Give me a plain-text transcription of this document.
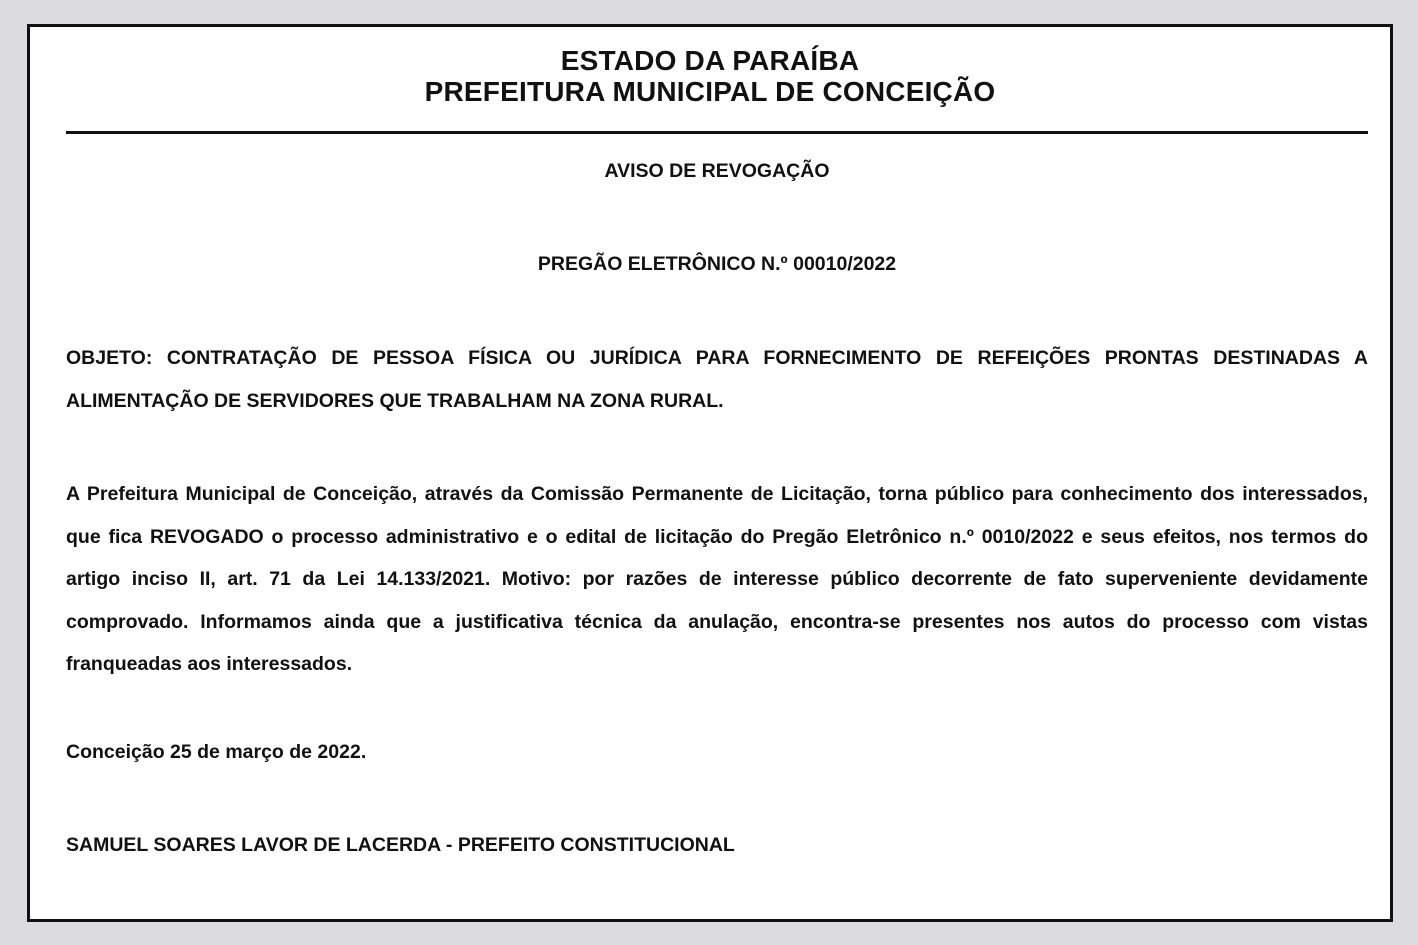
ESTADO DA PARAÍBA
PREFEITURA MUNICIPAL DE CONCEIÇÃO
AVISO DE REVOGAÇÃO
PREGÃO ELETRÔNICO N.º 00010/2022

OBJETO: CONTRATAÇÃO DE PESSOA FÍSICA OU JURÍDICA PARA FORNECIMENTO DE REFEIÇÕES PRONTAS DESTINADAS A ALIMENTAÇÃO DE SERVIDORES QUE TRABALHAM NA ZONA RURAL.

A Prefeitura Municipal de Conceição, através da Comissão Permanente de Licitação, torna público para conhecimento dos interessados, que fica REVOGADO o processo administrativo e o edital de licitação do Pregão Eletrônico n.º 0010/2022 e seus efeitos, nos termos do artigo inciso II, art. 71 da Lei 14.133/2021. Motivo: por razões de interesse público decorrente de fato superveniente devidamente comprovado. Informamos ainda que a justificativa técnica da anulação, encontra-se presentes nos autos do processo com vistas franqueadas aos interessados.

Conceição 25 de março de 2022.
SAMUEL SOARES LAVOR DE LACERDA - PREFEITO CONSTITUCIONAL
